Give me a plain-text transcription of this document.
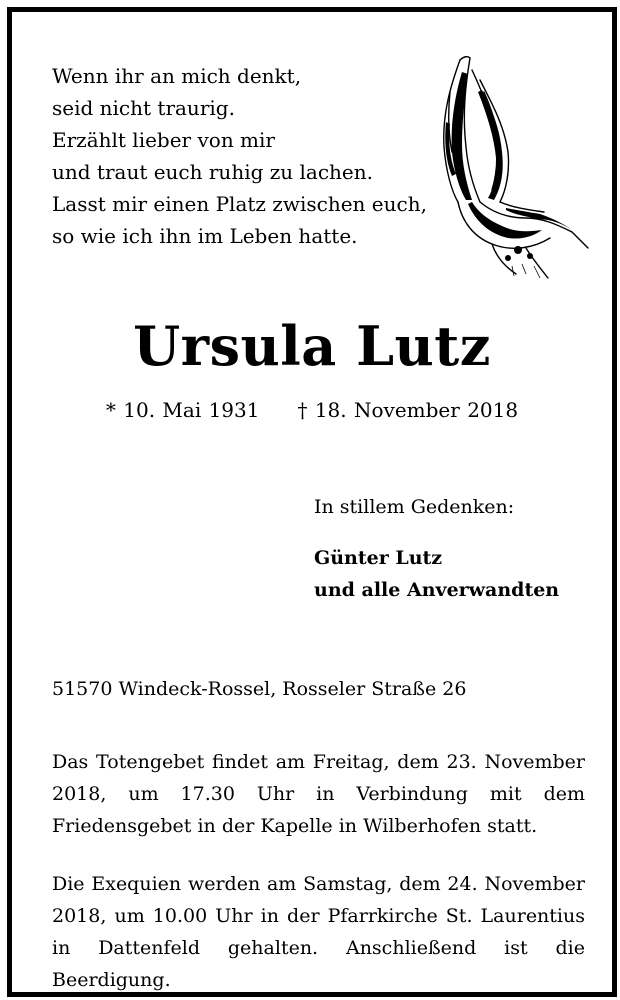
Wenn ihr an mich denkt,
seid nicht traurig.
Erzählt lieber von mir
und traut euch ruhig zu lachen.
Lasst mir einen Platz zwischen euch,
so wie ich ihn im Leben hatte.
Ursula Lutz
* 10. Mai 1931 † 18. November 2018
In stillem Gedenken:
Günter Lutz
und alle Anverwandten
51570 Windeck-Rossel, Rosseler Straße 26
Das Totengebet findet am Freitag, dem 23. November 2018, um 17.30 Uhr in Verbindung mit dem Friedensgebet in der Kapelle in Wilberhofen statt.
Die Exequien werden am Samstag, dem 24. November 2018, um 10.00 Uhr in der Pfarrkirche St. Laurentius in Dattenfeld gehalten. Anschließend ist die Beerdigung.
